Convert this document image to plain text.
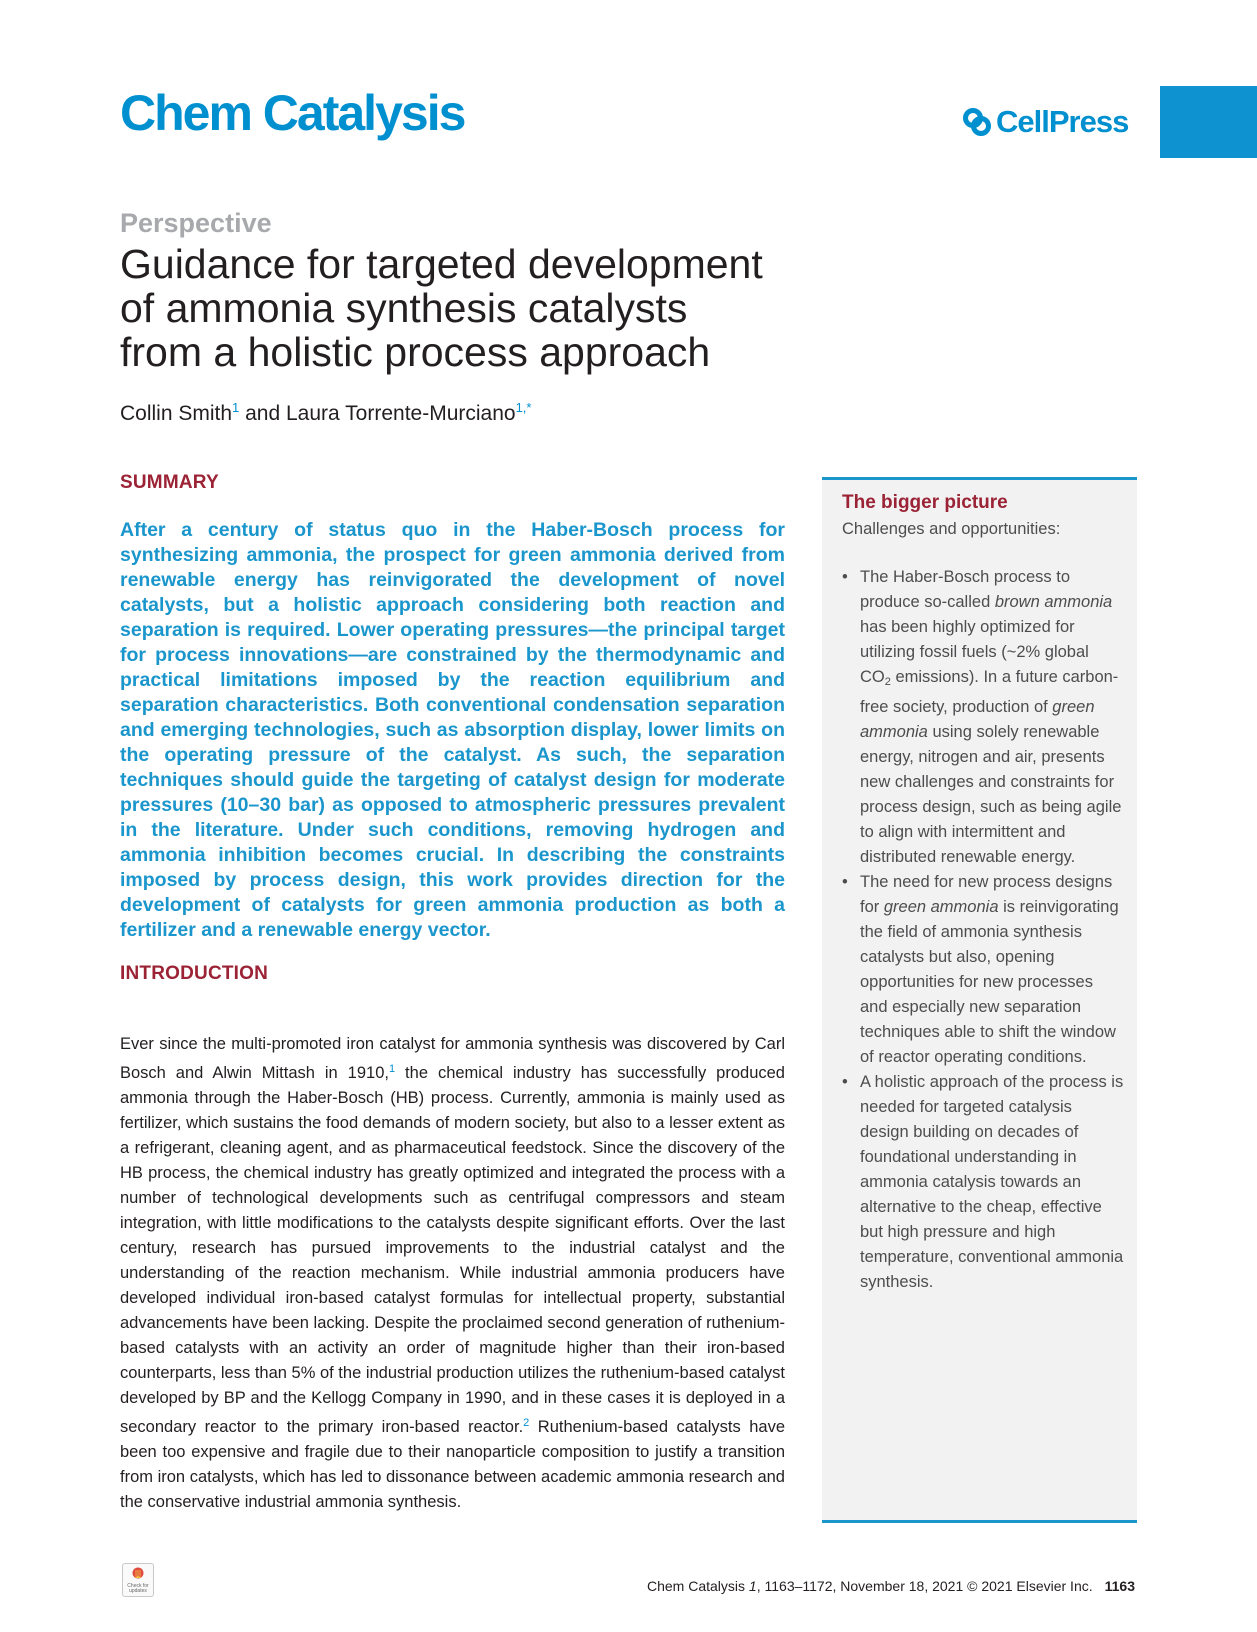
Chem Catalysis	CellPress
Perspective
Guidance for targeted development
of ammonia synthesis catalysts
from a holistic process approach
Collin Smith$^1$ and Laura Torrente-Murciano$^{1,*}$
SUMMARY

After a century of status quo in the Haber-Bosch process for synthesizing ammonia, the prospect for green ammonia derived from renewable energy has reinvigorated the development of novel catalysts, but a holistic approach considering both reaction and separation is required. Lower operating pressures—the principal target for process innovations—are constrained by the thermodynamic and practical limitations imposed by the reaction equilibrium and separation characteristics. Both conventional condensation separation and emerging technologies, such as absorption display, lower limits on the operating pressure of the catalyst. As such, the separation techniques should guide the targeting of catalyst design for moderate pressures (10–30 bar) as opposed to atmospheric pressures prevalent in the literature. Under such conditions, removing hydrogen and ammonia inhibition becomes crucial. In describing the constraints imposed by process design, this work provides direction for the development of catalysts for green ammonia production as both a fertilizer and a renewable energy vector.

INTRODUCTION

Ever since the multi-promoted iron catalyst for ammonia synthesis was discovered by Carl Bosch and Alwin Mittash in 1910,$^1$ the chemical industry has successfully produced ammonia through the Haber-Bosch (HB) process. Currently, ammonia is mainly used as fertilizer, which sustains the food demands of modern society, but also to a lesser extent as a refrigerant, cleaning agent, and as pharmaceutical feedstock. Since the discovery of the HB process, the chemical industry has greatly optimized and integrated the process with a number of technological developments such as centrifugal compressors and steam integration, with little modifications to the catalysts despite significant efforts. Over the last century, research has pursued improvements to the industrial catalyst and the understanding of the reaction mechanism. While industrial ammonia producers have developed individual iron-based catalyst formulas for intellectual property, substantial advancements have been lacking. Despite the proclaimed second generation of ruthenium-based catalysts with an activity an order of magnitude higher than their iron-based counterparts, less than 5% of the industrial production utilizes the ruthenium-based catalyst developed by BP and the Kellogg Company in 1990, and in these cases it is deployed in a secondary reactor to the primary iron-based reactor.$^2$ Ruthenium-based catalysts have been too expensive and fragile due to their nanoparticle composition to justify a transition from iron catalysts, which has led to dissonance between academic ammonia research and the conservative industrial ammonia synthesis.

The bigger picture
Challenges and opportunities:
• The Haber-Bosch process to produce so-called brown ammonia has been highly optimized for utilizing fossil fuels (~2% global $CO_2$ emissions). In a future carbon-free society, production of green ammonia using solely renewable energy, nitrogen and air, presents new challenges and constraints for process design, such as being agile to align with intermittent and distributed renewable energy.
• The need for new process designs for green ammonia is reinvigorating the field of ammonia synthesis catalysts but also, opening opportunities for new processes and especially new separation techniques able to shift the window of reactor operating conditions.
• A holistic approach of the process is needed for targeted catalysis design building on decades of foundational understanding in ammonia catalysis towards an alternative to the cheap, effective but high pressure and high temperature, conventional ammonia synthesis.
Check for updates	Chem Catalysis 1, 1163–1172, November 18, 2021 © 2021 Elsevier Inc. 1163
